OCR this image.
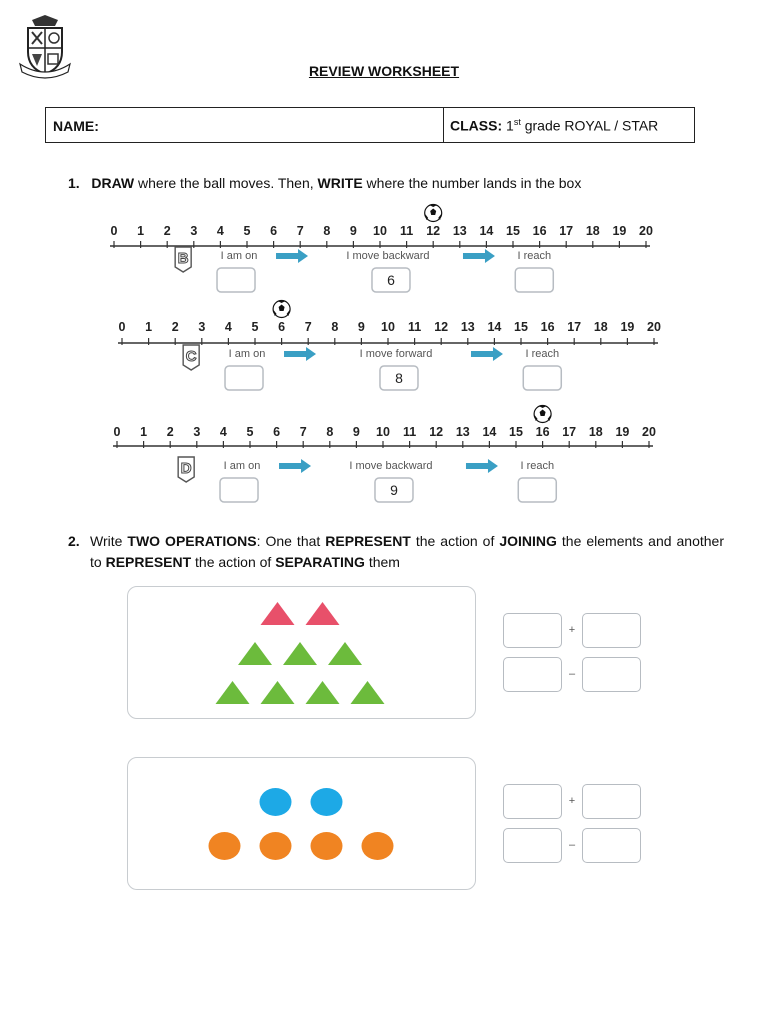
REVIEW WORKSHEET
NAME:	CLASS: 1st grade ROYAL / STAR
1. DRAW where the ball moves. Then, WRITE where the number lands in the box
0 1 2 3 4 5 6 7 8 9 10 11 12 13 14 15 16 17 18 19 20
B	I am on	I move backward	I reach
6
0 1 2 3 4 5 6 7 8 9 10 11 12 13 14 15 16 17 18 19 20
C	I am on	I move forward	I reach
8
0 1 2 3 4 5 6 7 8 9 10 11 12 13 14 15 16 17 18 19 20
D	I am on	I move backward	I reach
9
2. Write TWO OPERATIONS: One that REPRESENT the action of JOINING the elements and another to REPRESENT the action of SEPARATING them
+
–
+
–
